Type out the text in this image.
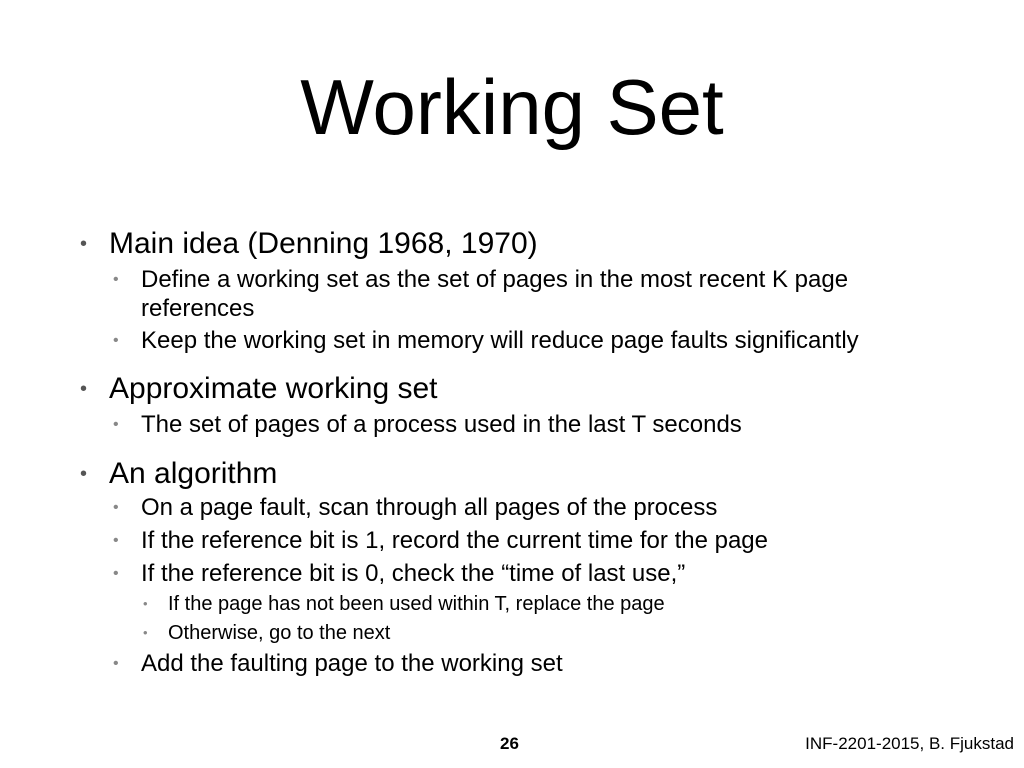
Working Set
• Main idea (Denning 1968, 1970)
• Define a working set as the set of pages in the most recent K page
references
• Keep the working set in memory will reduce page faults significantly
• Approximate working set
• The set of pages of a process used in the last T seconds
• An algorithm
• On a page fault, scan through all pages of the process
• If the reference bit is 1, record the current time for the page
• If the reference bit is 0, check the “time of last use,”
• If the page has not been used within T, replace the page
• Otherwise, go to the next
• Add the faulting page to the working set
26	INF-2201-2015, B. Fjukstad
